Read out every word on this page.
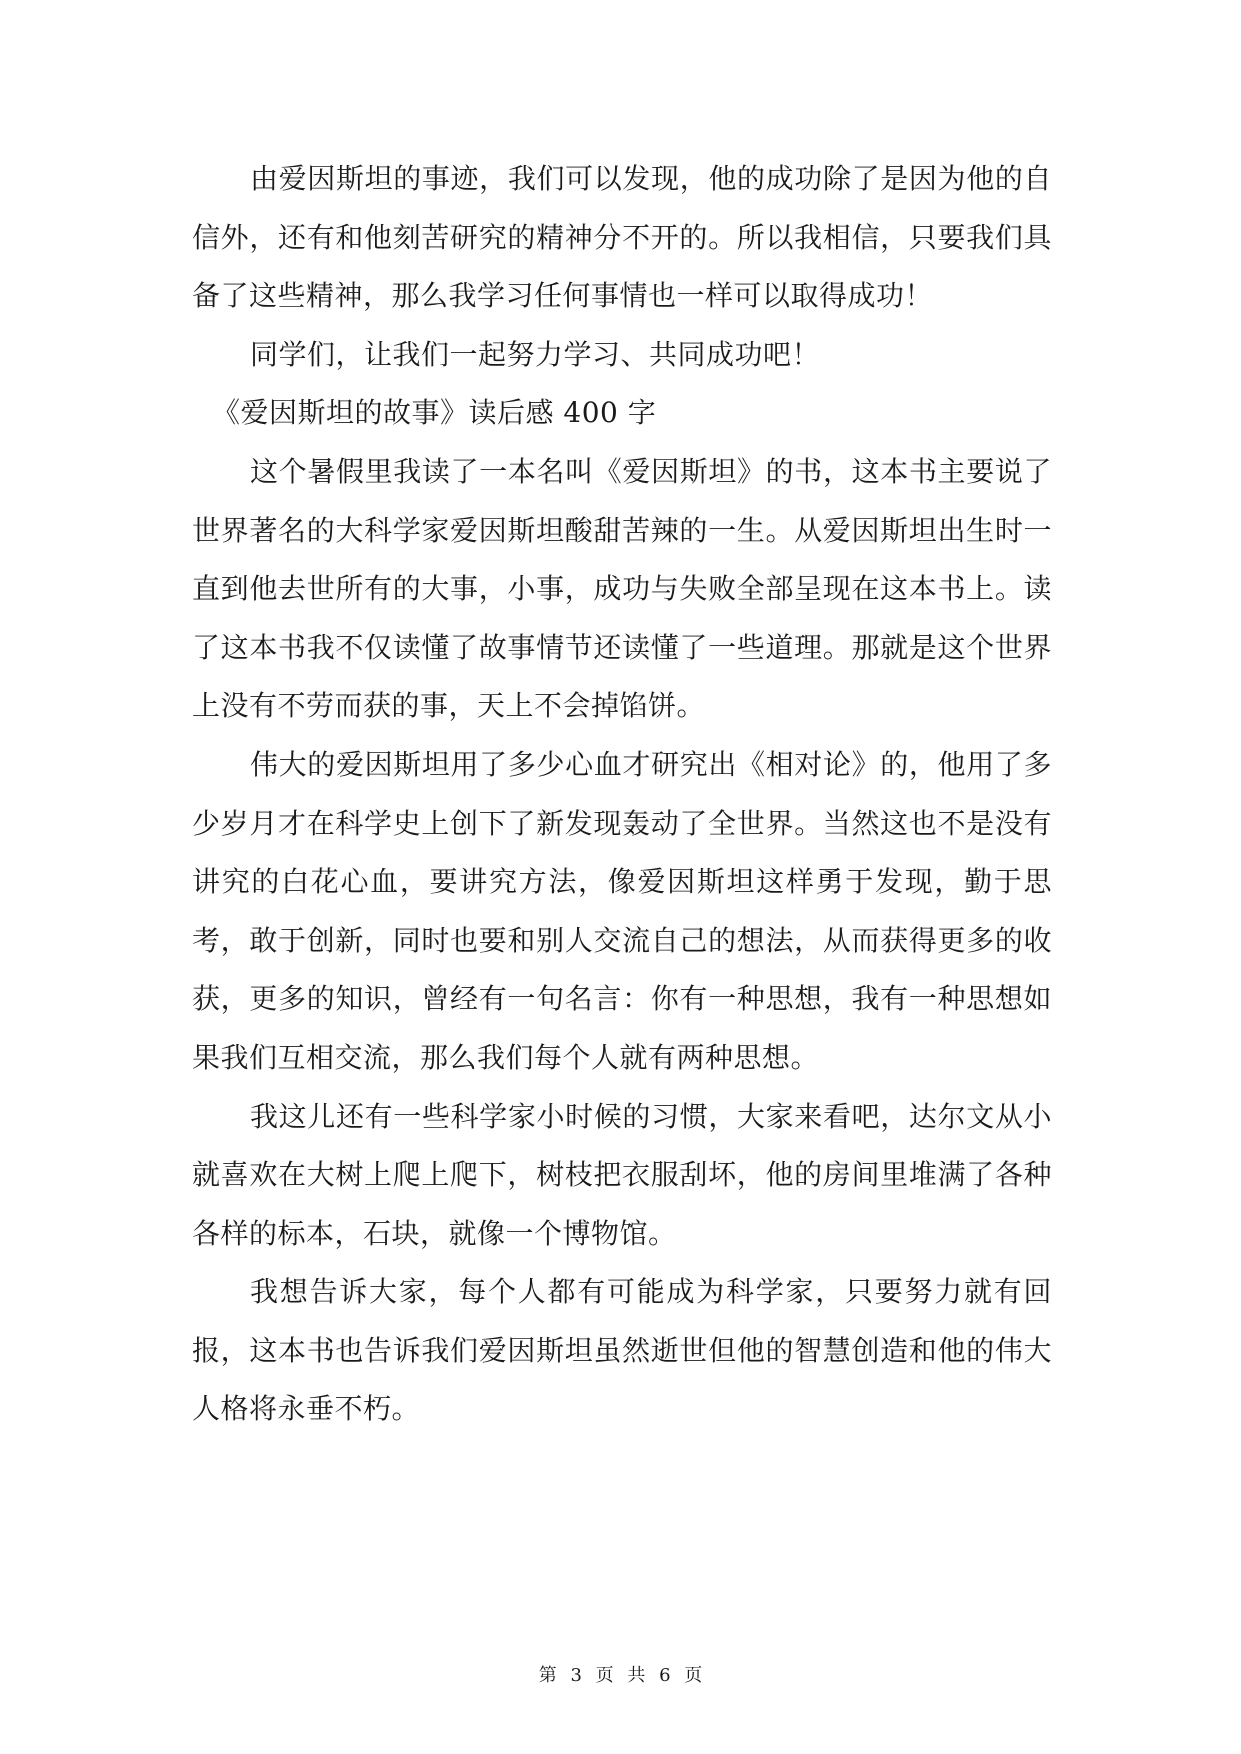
由爱因斯坦的事迹，我们可以发现，他的成功除了是因为他的自信外，还有和他刻苦研究的精神分不开的。所以我相信，只要我们具备了这些精神，那么我学习任何事情也一样可以取得成功！

同学们，让我们一起努力学习、共同成功吧！

《爱因斯坦的故事》读后感 400 字

这个暑假里我读了一本名叫《爱因斯坦》的书，这本书主要说了世界著名的大科学家爱因斯坦酸甜苦辣的一生。从爱因斯坦出生时一直到他去世所有的大事，小事，成功与失败全部呈现在这本书上。读了这本书我不仅读懂了故事情节还读懂了一些道理。那就是这个世界上没有不劳而获的事，天上不会掉馅饼。

伟大的爱因斯坦用了多少心血才研究出《相对论》的，他用了多少岁月才在科学史上创下了新发现轰动了全世界。当然这也不是没有讲究的白花心血，要讲究方法，像爱因斯坦这样勇于发现，勤于思考，敢于创新，同时也要和别人交流自己的想法，从而获得更多的收获，更多的知识，曾经有一句名言：你有一种思想，我有一种思想如果我们互相交流，那么我们每个人就有两种思想。

我这儿还有一些科学家小时候的习惯，大家来看吧，达尔文从小就喜欢在大树上爬上爬下，树枝把衣服刮坏，他的房间里堆满了各种各样的标本，石块，就像一个博物馆。

我想告诉大家，每个人都有可能成为科学家，只要努力就有回报，这本书也告诉我们爱因斯坦虽然逝世但他的智慧创造和他的伟大人格将永垂不朽。

第 3 页 共 6 页
